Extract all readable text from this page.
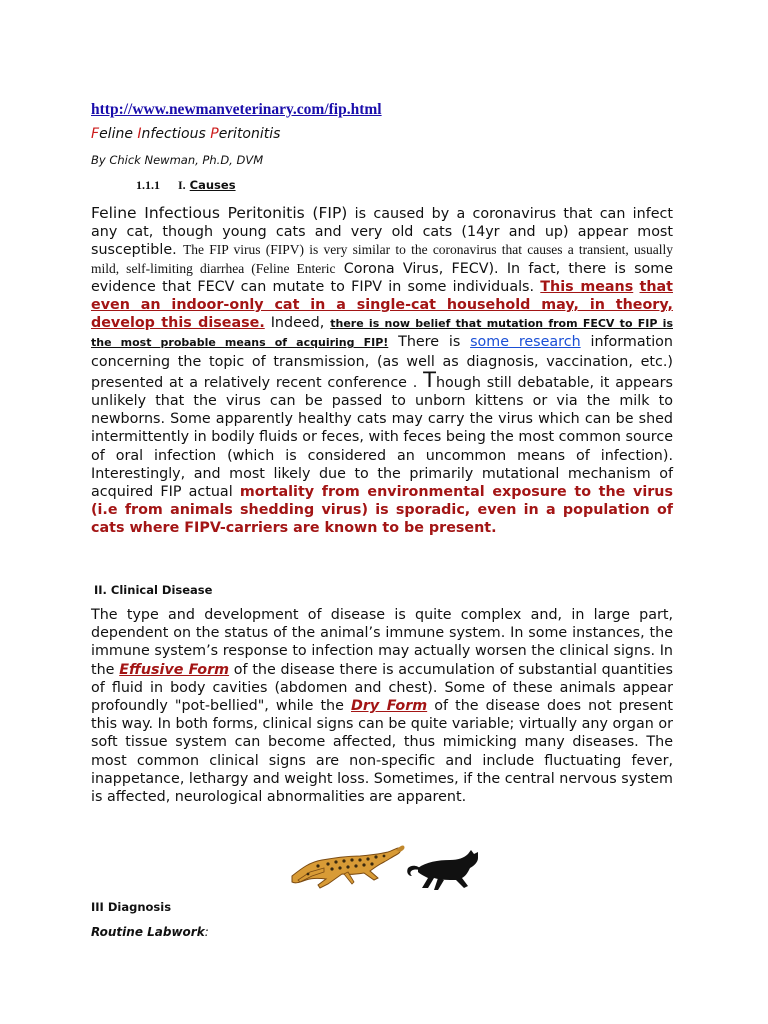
http://www.newmanveterinary.com/fip.html
Feline Infectious Peritonitis
By Chick Newman, Ph.D, DVM
1.1.1 I. Causes
Feline Infectious Peritonitis (FIP) is caused by a coronavirus that can infect any cat, though young cats and very old cats (14yr and up) appear most susceptible. The FIP virus (FIPV) is very similar to the coronavirus that causes a transient, usually mild, self-limiting diarrhea (Feline Enteric Corona Virus, FECV). In fact, there is some evidence that FECV can mutate to FIPV in some individuals. This means that even an indoor-only cat in a single-cat household may, in theory, develop this disease. Indeed, there is now belief that mutation from FECV to FIP is the most probable means of acquiring FIP! There is some research information concerning the topic of transmission, (as well as diagnosis, vaccination, etc.) presented at a relatively recent conference . Though still debatable, it appears unlikely that the virus can be passed to unborn kittens or via the milk to newborns. Some apparently healthy cats may carry the virus which can be shed intermittently in bodily fluids or feces, with feces being the most common source of oral infection (which is considered an uncommon means of infection). Interestingly, and most likely due to the primarily mutational mechanism of acquired FIP actual mortality from environmental exposure to the virus (i.e from animals shedding virus) is sporadic, even in a population of cats where FIPV-carriers are known to be present.
II. Clinical Disease
The type and development of disease is quite complex and, in large part, dependent on the status of the animal’s immune system. In some instances, the immune system’s response to infection may actually worsen the clinical signs. In the Effusive Form of the disease there is accumulation of substantial quantities of fluid in body cavities (abdomen and chest). Some of these animals appear profoundly "pot-bellied", while the Dry Form of the disease does not present this way. In both forms, clinical signs can be quite variable; virtually any organ or soft tissue system can become affected, thus mimicking many diseases. The most common clinical signs are non-specific and include fluctuating fever, inappetance, lethargy and weight loss. Sometimes, if the central nervous system is affected, neurological abnormalities are apparent.
III Diagnosis
Routine Labwork:
